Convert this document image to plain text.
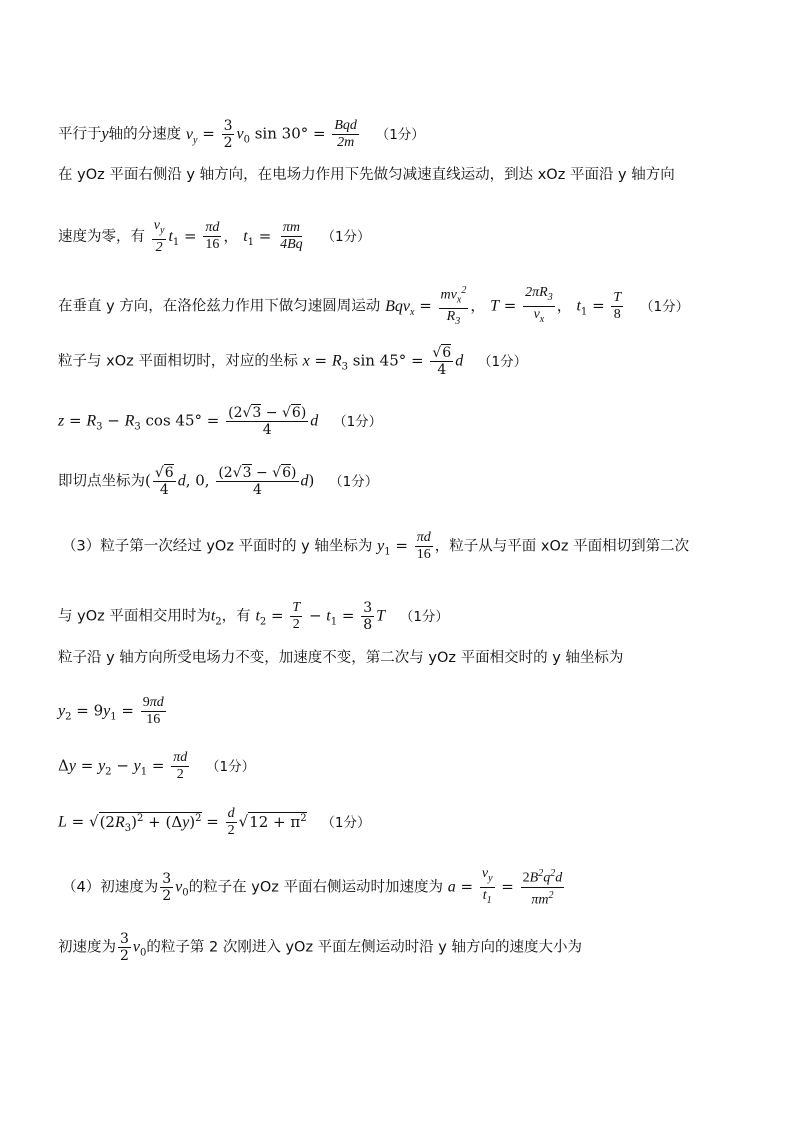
平行于y轴的分速度 $v_y = \frac{3}{2} v_0$ $\sin 30^\circ = \frac{\text{Bqd}}{2m} (1$分）
在 yOz 平面右侧沿 y 轴方向，在电场力作用下先做匀减速直线运动，到达 xOz 平面沿 y 轴方向
速度为零，有 $\frac{v_y}{2} t_1 = \frac{\pi d}{16}$ ， $t_1 = \frac{\pi m}{4Bq} (1$分）
在垂直 y 方向，在洛伦兹力作用下做匀速圆周运动 $Bqv_x = \frac{mv_x^2}{R_3}$ ， $T = \frac{2\pi R_3}{v_x}$ ， $t_1 = \frac{T}{8} (1$分）
粒子与 xOz 平面相切时，对应的坐标 $x = R_3$ $\sin 45^\circ = \frac{√6}{4}$ d （1分）
$z = R_3 - R_3$ $\cos 45^\circ = \frac{(2√3 - √6)}{4}$ d （1分）
即切点坐标为( $\frac{√6}{4} d$, 0, $\frac{(2√3 - √6)}{4} d$) （1分）
（3）粒子第一次经过 yOz 平面时的 y 轴坐标为 $y_1 = \frac{\pi d}{16}$ ，粒子从与平面 xOz 平面相切到第二次
与 yOz 平面相交用时为$t_2$，有 $t_2 = \frac{T}{2} - t_1 = \frac{3}{8}$ T （1分）
粒子沿 y 轴方向所受电场力不变，加速度不变，第二次与 yOz 平面相交时的 y 轴坐标为
$y_2 = 9y_1 = \frac{9\pi d}{16}$
$\Delta y = y_2 - y_1 = \frac{\pi d}{2} (1$分）
$L = √(2R_3)^2 + (\Delta y)^2 = \frac{d}{2} √12 + \pi^2$ （1分）
（4）初速度为 $\frac{3}{2} v_0$的粒子在 yOz 平面右侧运动时加速度为 $a = \frac{v_y}{t_1} = \frac{2B^2q^2d}{\pi m^2}$
初速度为 $\frac{3}{2} v_0$的粒子第 2 次刚进入 yOz 平面左侧运动时沿 y 轴方向的速度大小为
